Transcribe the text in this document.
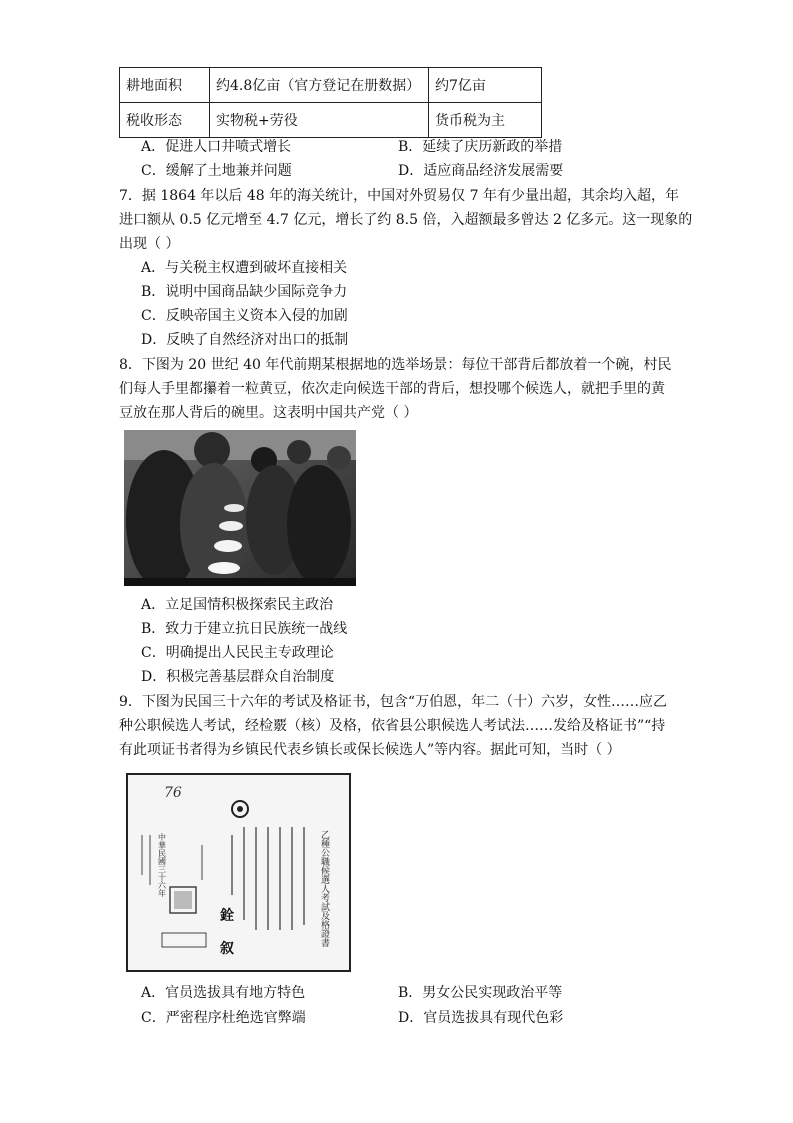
耕地面积	约4.8亿亩（官方登记在册数据）	约7亿亩
税收形态	实物税+劳役	货币税为主
A．促进人口井喷式增长	B．延续了庆历新政的举措
C．缓解了土地兼并问题	D．适应商品经济发展需要
7．据 1864 年以后 48 年的海关统计，中国对外贸易仅 7 年有少量出超，其余均入超，年
进口额从 0.5 亿元增至 4.7 亿元，增长了约 8.5 倍，入超额最多曾达 2 亿多元。这一现象的
出现（ ）
A．与关税主权遭到破坏直接相关
B．说明中国商品缺少国际竞争力
C．反映帝国主义资本入侵的加剧
D．反映了自然经济对出口的抵制
8．下图为 20 世纪 40 年代前期某根据地的选举场景：每位干部背后都放着一个碗，村民
们每人手里都攥着一粒黄豆，依次走向候选干部的背后，想投哪个候选人，就把手里的黄
豆放在那人背后的碗里。这表明中国共产党（ ）
A．立足国情积极探索民主政治
B．致力于建立抗日民族统一战线
C．明确提出人民民主专政理论
D．积极完善基层群众自治制度
9．下图为民国三十六年的考试及格证书，包含“万伯恩，年二（十）六岁，女性……应乙
种公职候选人考试，经检覈（核）及格，依省县公职候选人考试法……发给及格证书”“持
有此项证书者得为乡镇民代表乡镇长或保长候选人”等内容。据此可知，当时（ ）
76
乙種公職候選人考試及格證書
銓
叙
中華民國三十六年
A．官员选拔具有地方特色	B．男女公民实现政治平等
C．严密程序杜绝选官弊端	D．官员选拔具有现代色彩
